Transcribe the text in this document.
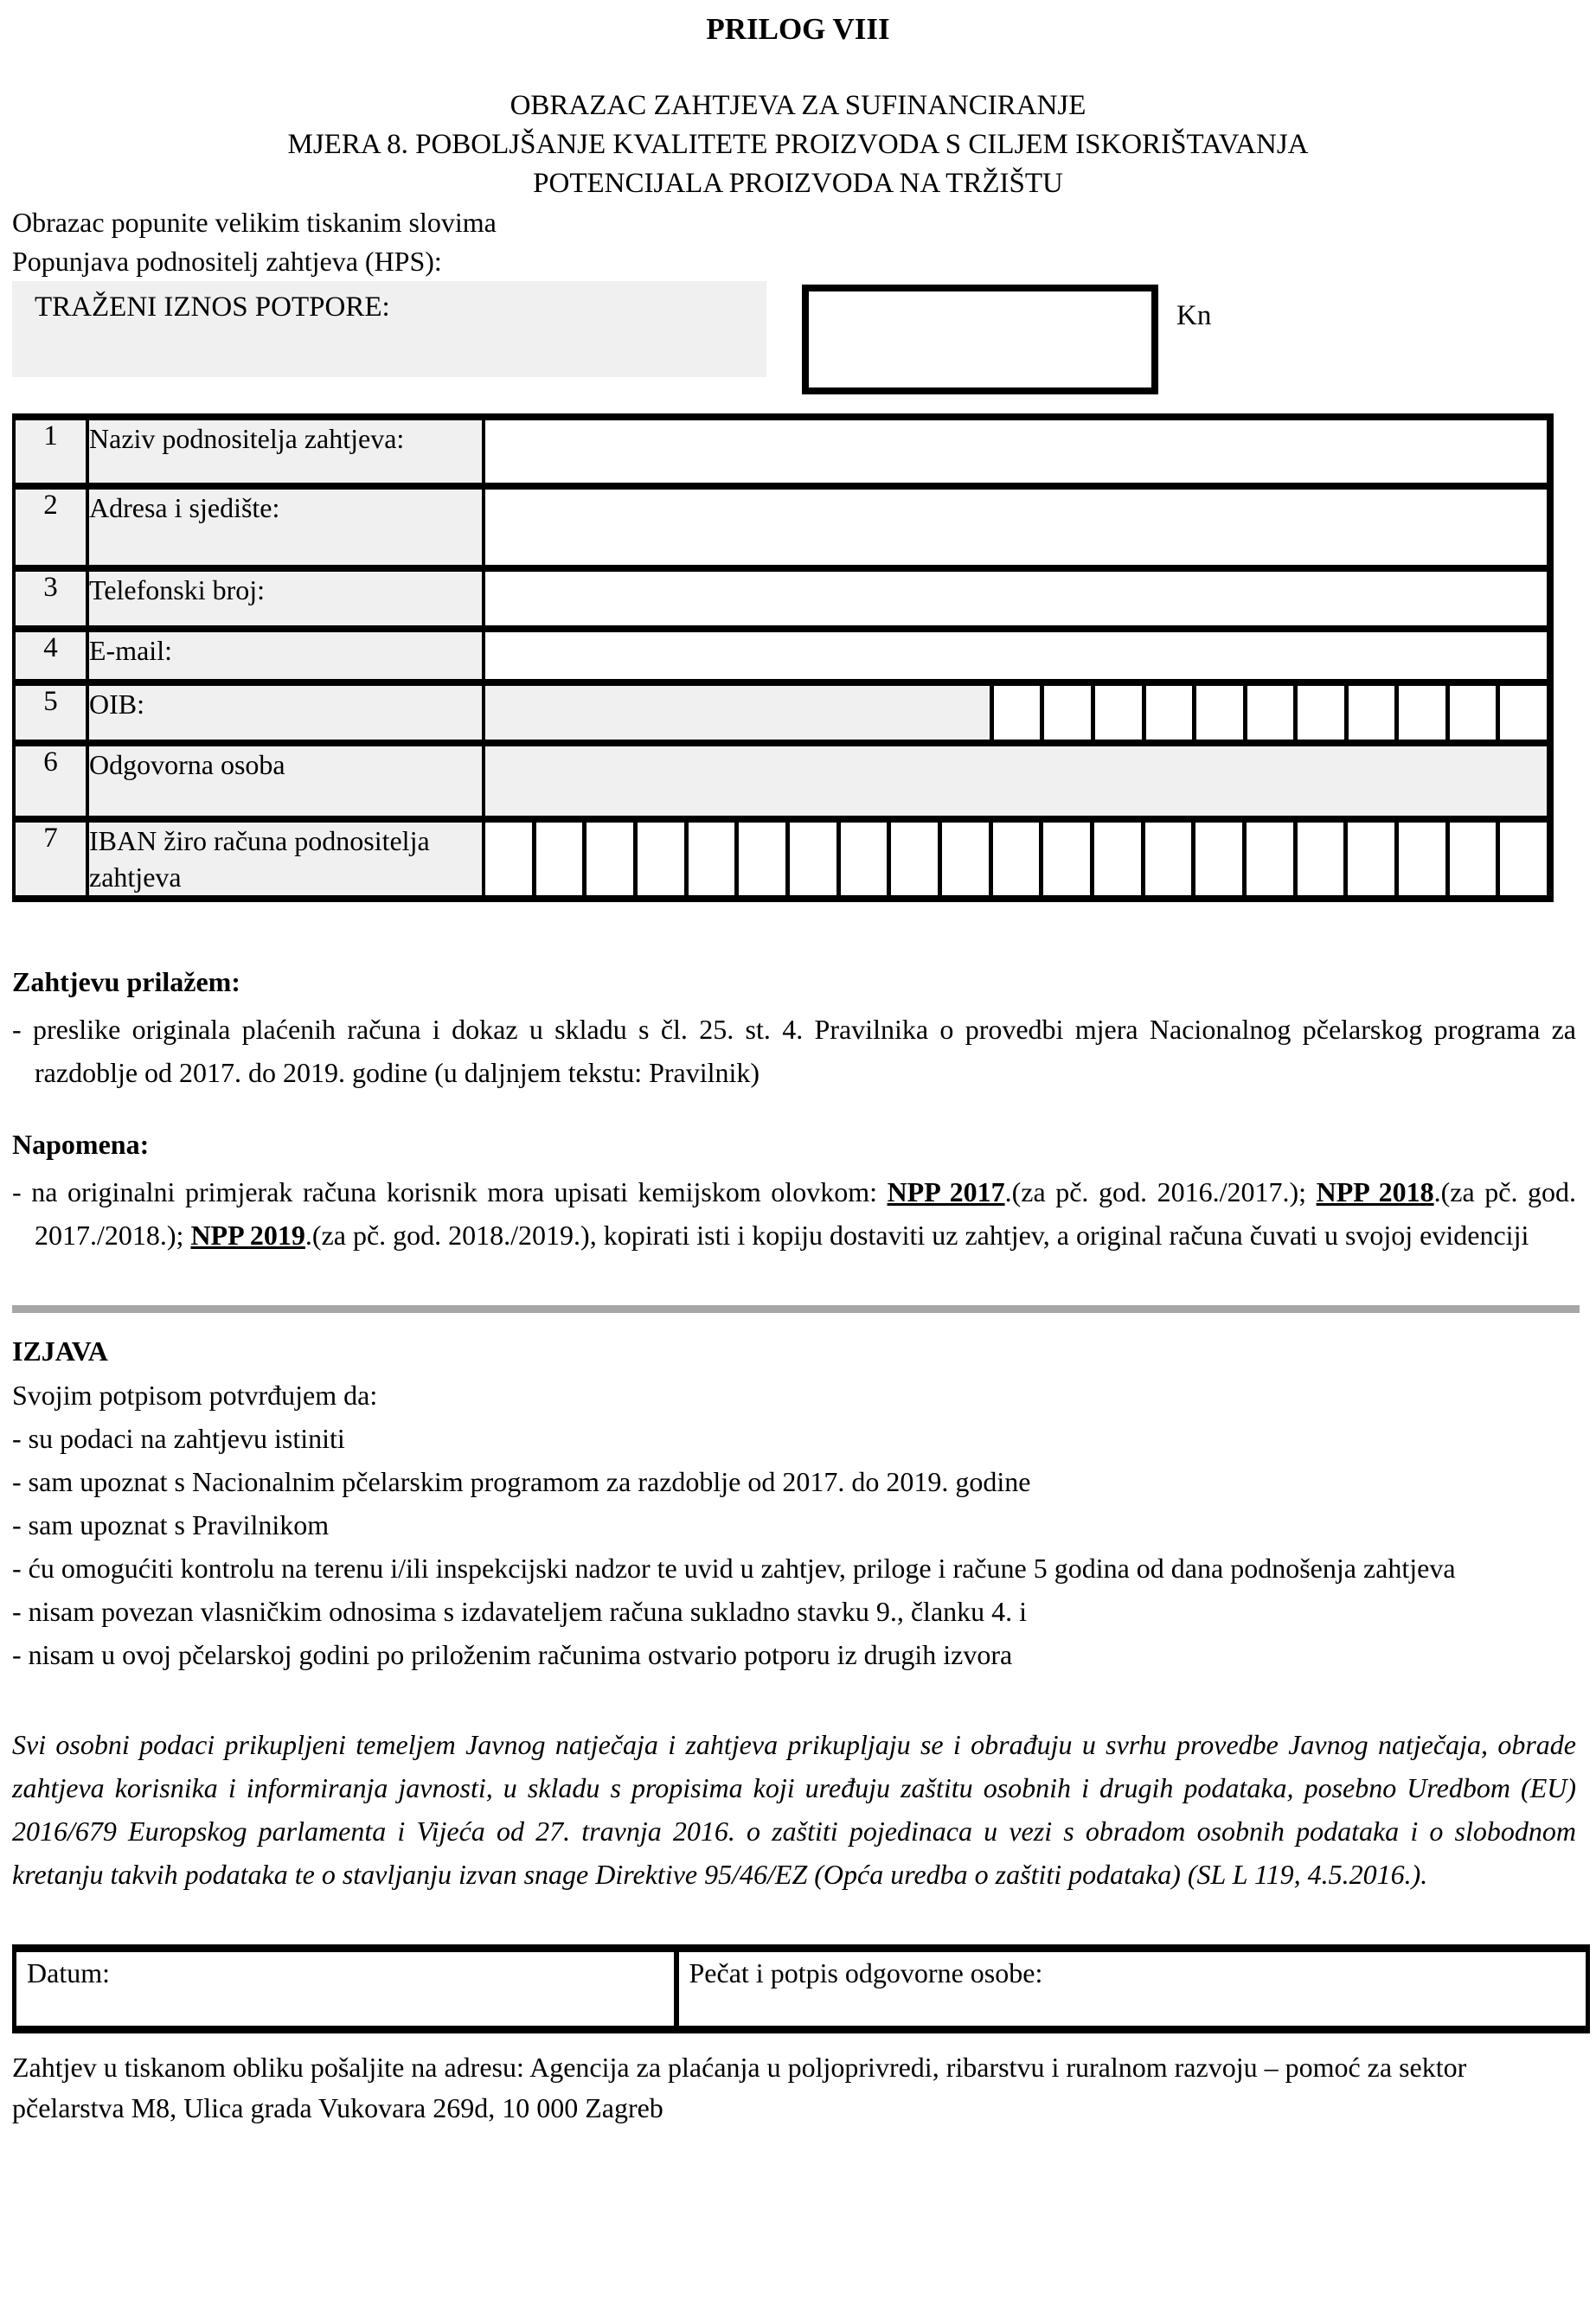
PRILOG VIII
OBRAZAC ZAHTJEVA ZA SUFINANCIRANJE
MJERA 8. POBOLJŠANJE KVALITETE PROIZVODA S CILJEM ISKORIŠTAVANJA
POTENCIJALA PROIZVODA NA TRŽIŠTU
Obrazac popunite velikim tiskanim slovima
Popunjava podnositelj zahtjeva (HPS):
TRAŽENI IZNOS POTPORE:	Kn
1	Naziv podnositelja zahtjeva:	
2	Adresa i sjedište:	
3	Telefonski broj:	
4	E-mail:	
5	OIB:	

6	Odgovorna osoba	
7	IBAN žiro računa podnositelja zahtjeva	
Zahtjevu prilažem:

- preslike originala plaćenih računa i dokaz u skladu s čl. 25. st. 4. Pravilnika o provedbi mjera Nacionalnog pčelarskog programa za razdoblje od 2017. do 2019. godine (u daljnjem tekstu: Pravilnik)

Napomena:

- na originalni primjerak računa korisnik mora upisati kemijskom olovkom: NPP 2017.(za pč. god. 2016./2017.); NPP 2018.(za pč. god. 2017./2018.); NPP 2019.(za pč. god. 2018./2019.), kopirati isti i kopiju dostaviti uz zahtjev, a original računa čuvati u svojoj evidenciji

IZJAVA

Svojim potpisom potvrđujem da:

- su podaci na zahtjevu istiniti

- sam upoznat s Nacionalnim pčelarskim programom za razdoblje od 2017. do 2019. godine

- sam upoznat s Pravilnikom

- ću omogućiti kontrolu na terenu i/ili inspekcijski nadzor te uvid u zahtjev, priloge i račune 5 godina od dana podnošenja zahtjeva

- nisam povezan vlasničkim odnosima s izdavateljem računa sukladno stavku 9., članku 4. i

- nisam u ovoj pčelarskoj godini po priloženim računima ostvario potporu iz drugih izvora

Svi osobni podaci prikupljeni temeljem Javnog natječaja i zahtjeva prikupljaju se i obrađuju u svrhu provedbe Javnog natječaja, obrade zahtjeva korisnika i informiranja javnosti, u skladu s propisima koji uređuju zaštitu osobnih i drugih podataka, posebno Uredbom (EU) 2016/679 Europskog parlamenta i Vijeća od 27. travnja 2016. o zaštiti pojedinaca u vezi s obradom osobnih podataka i o slobodnom kretanju takvih podataka te o stavljanju izvan snage Direktive 95/46/EZ (Opća uredba o zaštiti podataka) (SL L 119, 4.5.2016.).

Datum:	Pečat i potpis odgovorne osobe:

Zahtjev u tiskanom obliku pošaljite na adresu: Agencija za plaćanja u poljoprivredi, ribarstvu i ruralnom razvoju – pomoć za sektor pčelarstva M8, Ulica grada Vukovara 269d, 10 000 Zagreb
